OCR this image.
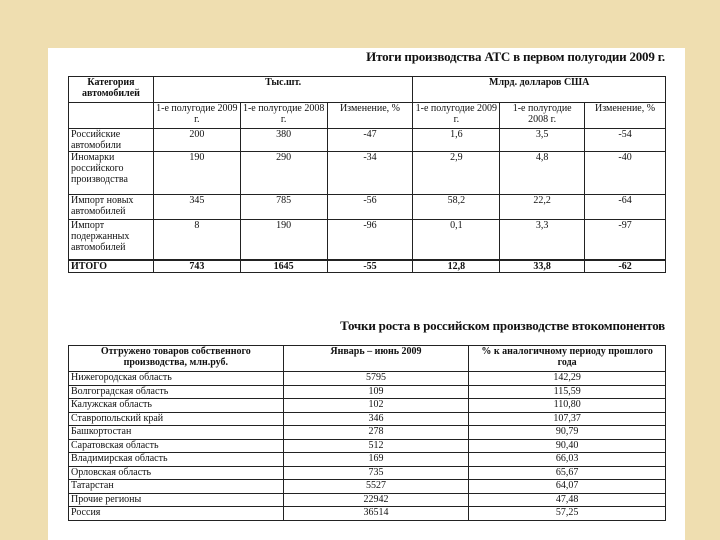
Итоги производства АТС в первом полугодии 2009 г.
Категория автомобилей	Тыс.шт.			Млрд. долларов США		
	1-е полугодие 2009 г.	1-е полугодие 2008 г.	Изменение, %	1-е полугодие 2009 г.	1-е полугодие 2008 г.	Изменение, %
Российские автомобили	200	380	-47	1,6	3,5	-54
Иномарки российского производства	190	290	-34	2,9	4,8	-40
Импорт новых автомобилей	345	785	-56	58,2	22,2	-64
Импорт подержанных автомобилей	8	190	-96	0,1	3,3	-97
ИТОГО	743	1645	-55	12,8	33,8	-62
Точки роста в российском производстве втокомпонентов
Отгружено товаров собственного производства, млн.руб.	Январь – июнь 2009	% к аналогичному периоду прошлого года
Нижегородская область	5795	142,29
Волгоградская область	109	115,59
Калужская область	102	110,80
Ставропольский край	346	107,37
Башкортостан	278	90,79
Саратовская область	512	90,40
Владимирская область	169	66,03
Орловская область	735	65,67
Татарстан	5527	64,07
Прочие регионы	22942	47,48
Россия	36514	57,25
